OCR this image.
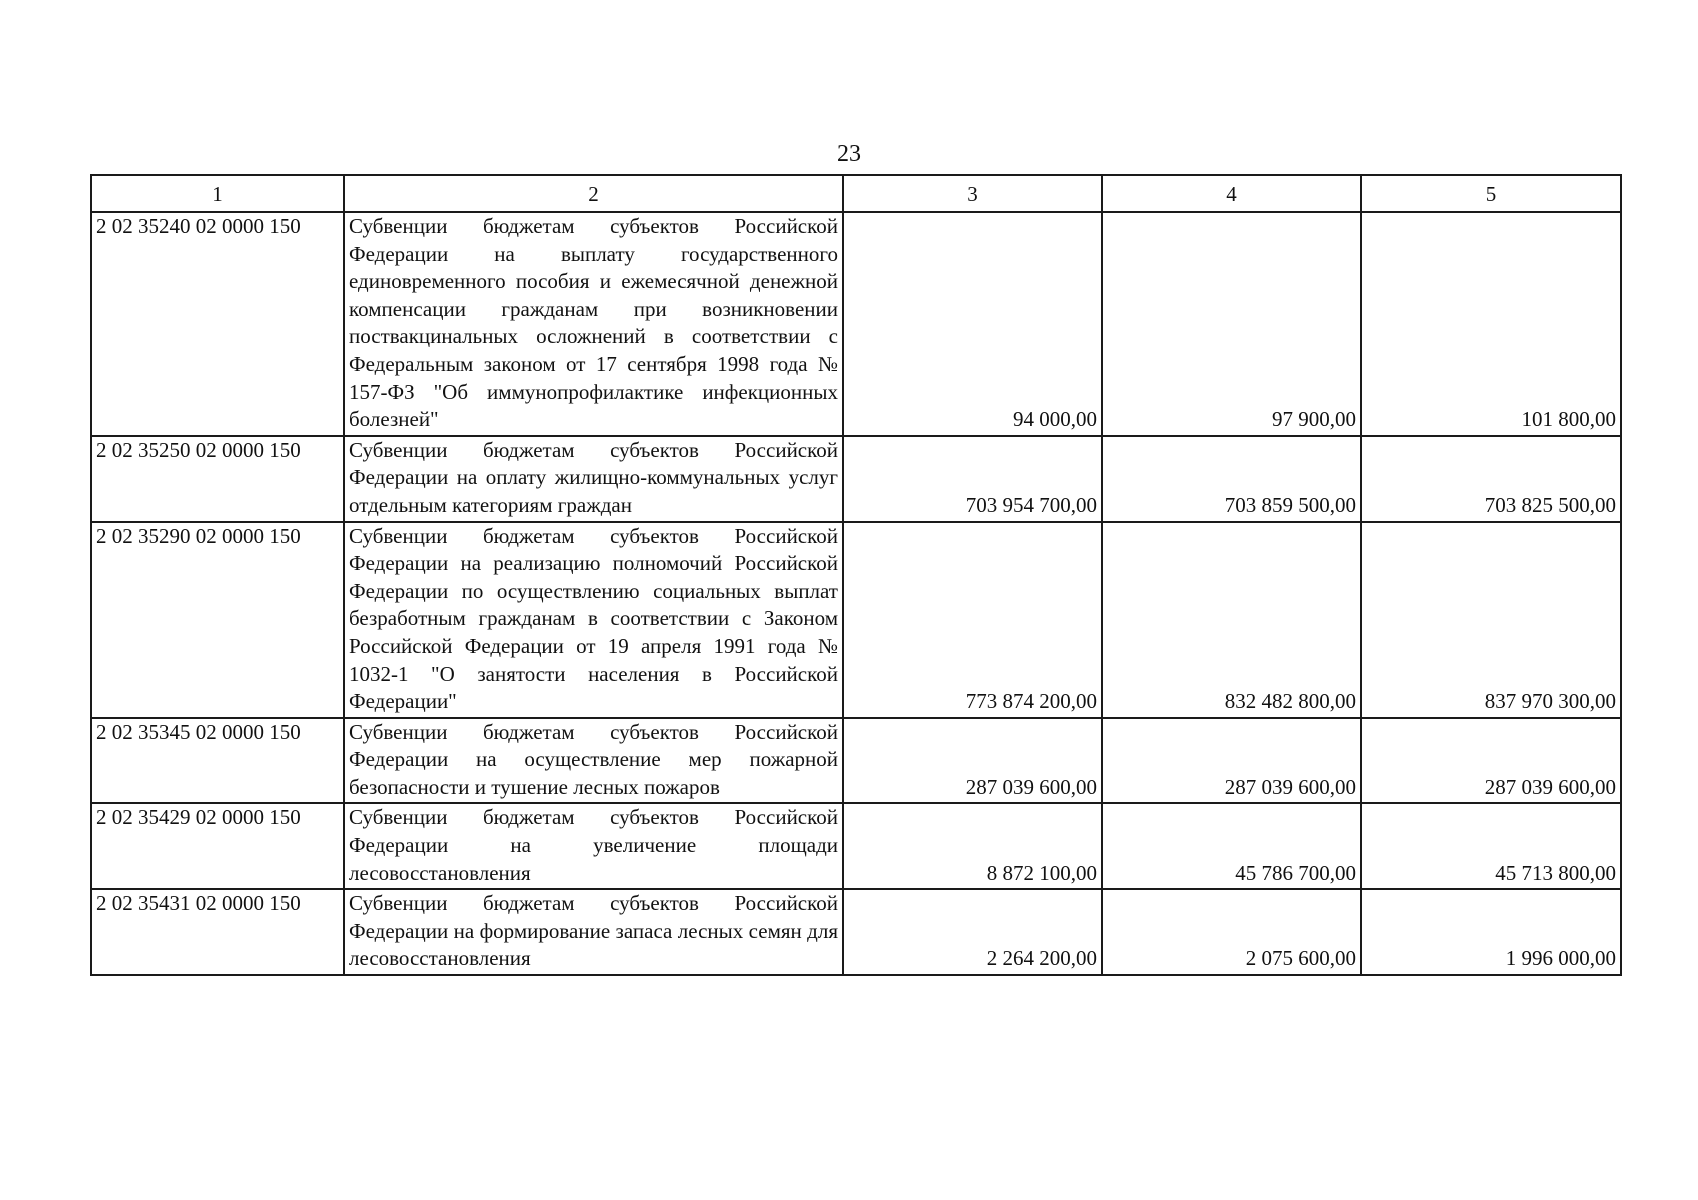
23
1	2	3	4	5
2 02 35240 02 0000 150	Субвенции бюджетам субъектов Российской Федерации на выплату государственного единовременного пособия и ежемесячной денежной компенсации гражданам при возникновении поствакцинальных осложнений в соответствии с Федеральным законом от 17 сентября 1998 года № 157-ФЗ "Об иммунопрофилактике инфекционных болезней"	94 000,00	97 900,00	101 800,00
2 02 35250 02 0000 150	Субвенции бюджетам субъектов Российской Федерации на оплату жилищно-коммунальных услуг отдельным категориям граждан	703 954 700,00	703 859 500,00	703 825 500,00
2 02 35290 02 0000 150	Субвенции бюджетам субъектов Российской Федерации на реализацию полномочий Российской Федерации по осуществлению социальных выплат безработным гражданам в соответствии с Законом Российской Федерации от 19 апреля 1991 года № 1032-1 "О занятости населения в Российской Федерации"	773 874 200,00	832 482 800,00	837 970 300,00
2 02 35345 02 0000 150	Субвенции бюджетам субъектов Российской Федерации на осуществление мер пожарной безопасности и тушение лесных пожаров	287 039 600,00	287 039 600,00	287 039 600,00
2 02 35429 02 0000 150	Субвенции бюджетам субъектов Российской Федерации на увеличение площади лесовосстановления	8 872 100,00	45 786 700,00	45 713 800,00
2 02 35431 02 0000 150	Субвенции бюджетам субъектов Российской Федерации на формирование запаса лесных семян для лесовосстановления	2 264 200,00	2 075 600,00	1 996 000,00
